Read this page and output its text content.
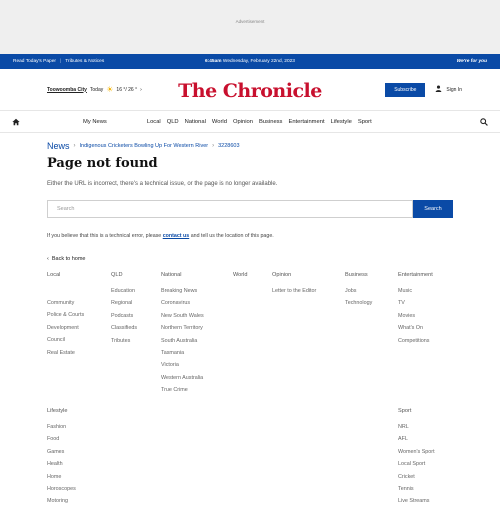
Advertisement
Read Today's Paper | Tributes & Notices	6:45am Wednesday, February 22nd, 2023	We're for you
Toowoomba City Today ☀ 16 °/ 26 ° ›	The Chronicle	Subscribe	Sign In
My News	Local QLD National World Opinion Business Entertainment Lifestyle Sport
News › Indigenous Cricketers Bowling Up For Western River › 3228603
Page not found

Either the URL is incorrect, there's a technical issue, or the page is no longer available.

Search
Search

If you believe that this is a technical error, please contact us and tell us the location of this page.

‹ Back to home
Local
Community
Police & Courts
Development
Council
Real Estate
QLD
Education
Regional
Podcasts
Classifieds
Tributes
National
Breaking News
Coronavirus
New South Wales
Northern Territory
South Australia
Tasmania
Victoria
Western Australia
True Crime
World	Opinion
Letter to the Editor
Business
Jobs
Technology
Entertainment
Music
TV
Movies
What's On
Competitions
Lifestyle
Fashion
Food
Games
Health
Home
Horoscopes
Motoring
Sport
NRL
AFL
Women's Sport
Local Sport
Cricket
Tennis
Live Streams
